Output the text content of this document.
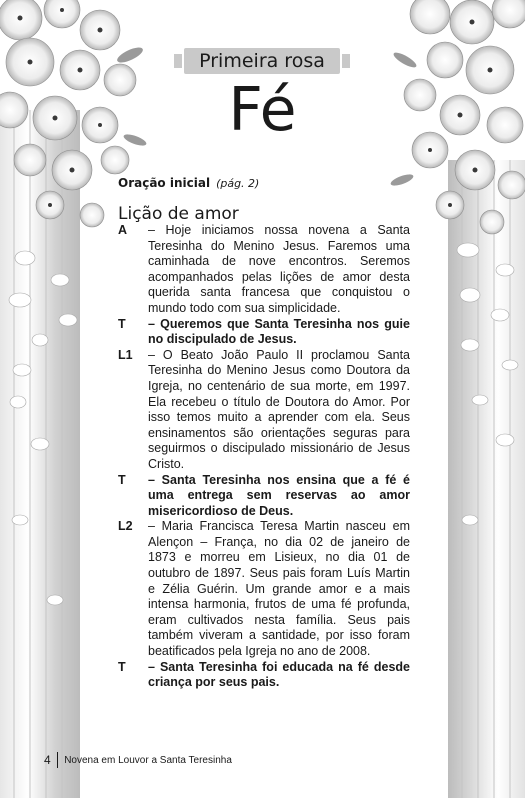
Primeira rosa
Fé
Oração inicial (pág. 2)
Lição de amor
A	– Hoje iniciamos nossa novena a Santa Teresinha do Menino Jesus. Faremos uma caminhada de nove encontros. Seremos acompanhados pelas lições de amor desta querida santa francesa que conquistou o mundo todo com sua simplicidade.
T	– Queremos que Santa Teresinha nos guie no discipulado de Jesus.
L1	– O Beato João Paulo II proclamou Santa Teresinha do Menino Jesus como Doutora da Igreja, no centenário de sua morte, em 1997. Ela recebeu o título de Doutora do Amor. Por isso temos muito a aprender com ela. Seus ensinamentos são orientações seguras para seguirmos o discipulado missionário de Jesus Cristo.
T	– Santa Teresinha nos ensina que a fé é uma entrega sem reservas ao amor misericordioso de Deus.
L2	– Maria Francisca Teresa Martin nasceu em Alençon – França, no dia 02 de janeiro de 1873 e morreu em Lisieux, no dia 01 de outubro de 1897. Seus pais foram Luís Martin e Zélia Guérin. Um grande amor e a mais intensa harmonia, frutos de uma fé profunda, eram cultivados nesta família. Seus pais também viveram a santidade, por isso foram beatificados pela Igreja no ano de 2008.
T	– Santa Teresinha foi educada na fé desde criança por seus pais.
4 Novena em Louvor a Santa Teresinha
